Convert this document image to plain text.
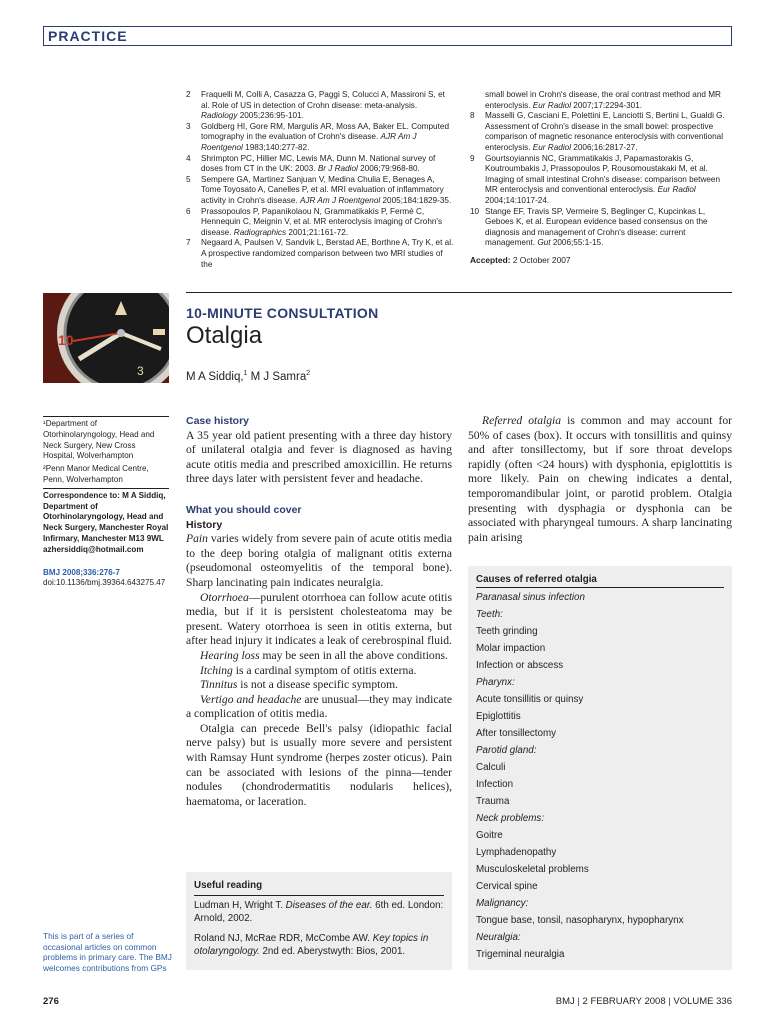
PRACTICE
2	Fraquelli M, Colli A, Casazza G, Paggi S, Colucci A, Massironi S, et al. Role of US in detection of Crohn disease: meta-analysis. Radiology 2005;236:95-101.
3	Goldberg HI, Gore RM, Margulis AR, Moss AA, Baker EL. Computed tomography in the evaluation of Crohn's disease. AJR Am J Roentgenol 1983;140:277-82.
4	Shrimpton PC, Hillier MC, Lewis MA, Dunn M. National survey of doses from CT in the UK: 2003. Br J Radiol 2006;79:968-80.
5	Sempere GA, Martinez Sanjuan V, Medina Chulia E, Benages A, Tome Toyosato A, Canelles P, et al. MRI evaluation of inflammatory activity in Crohn's disease. AJR Am J Roentgenol 2005;184:1829-35.
6	Prassopoulos P, Papanikolaou N, Grammatikakis P, Fermé C, Hennequin C, Meignin V, et al. MR enteroclysis imaging of Crohn's disease. Radiographics 2001;21:161-72.
7	Negaard A, Paulsen V, Sandvik L, Berstad AE, Borthne A, Try K, et al. A prospective randomized comparison between two MRI studies of the
small bowel in Crohn's disease, the oral contrast method and MR enteroclysis. Eur Radiol 2007;17:2294-301.
8	Masselli G, Casciani E, Polettini E, Lanciotti S, Bertini L, Gualdi G. Assessment of Crohn's disease in the small bowel: prospective comparison of magnetic resonance enteroclysis with conventional enteroclysis. Eur Radiol 2006;16:2817-27.
9	Gourtsoyiannis NC, Grammatikakis J, Papamastorakis G, Koutroumbakis J, Prassopoulos P, Rousomoustakaki M, et al. Imaging of small intestinal Crohn's disease: comparison between MR enteroclysis and conventional enteroclysis. Eur Radiol 2004;14:1017-24.
10 Stange EF, Travis SP, Vermeire S, Beglinger C, Kupcinkas L, Geboes K, et al. European evidence based consensus on the diagnosis and management of Crohn's disease: current management. Gut 2006;55:1-15.
Accepted: 2 October 2007
10
3
10-MINUTE CONSULTATION
Otalgia
M A Siddiq,$^1$ M J Samra$^2$

¹Department of Otorhinolaryngology, Head and Neck Surgery, New Cross Hospital, Wolverhampton

²Penn Manor Medical Centre, Penn, Wolverhampton

Correspondence to: M A Siddiq, Department of Otorhinolaryngology, Head and Neck Surgery, Manchester Royal Infirmary, Manchester M13 9WL azhersiddiq@hotmail.com

BMJ 2008;336:276-7
doi:10.1136/bmj.39364.643275.47
Case history

A 35 year old patient presenting with a three day history of unilateral otalgia and fever is diagnosed as having acute otitis media and prescribed amoxicillin. He returns three days later with persistent fever and headache.

What you should cover
History

Pain varies widely from severe pain of acute otitis media to the deep boring otalgia of malignant otitis externa (pseudomonal osteomyelitis of the temporal bone). Sharp lancinating pain indicates neuralgia.

Otorrhoea—purulent otorrhoea can follow acute otitis media, but if it is persistent cholesteatoma may be present. Watery otorrhoea is seen in otitis externa, but after head injury it indicates a leak of cerebrospinal fluid.

Hearing loss may be seen in all the above conditions.

Itching is a cardinal symptom of otitis externa.

Tinnitus is not a disease specific symptom.

Vertigo and headache are unusual—they may indicate a complication of otitis media.

Otalgia can precede Bell's palsy (idiopathic facial nerve palsy) but is usually more severe and persistent with Ramsay Hunt syndrome (herpes zoster oticus). Pain can be associated with lesions of the pinna—tender nodules (chondrodermatitis nodularis helices), haematoma, or laceration.

Referred otalgia is common and may account for 50% of cases (box). It occurs with tonsillitis and quinsy and after tonsillectomy, but if sore throat develops rapidly (often <24 hours) with dysphonia, epiglottitis is more likely. Pain on chewing indicates a dental, temporomandibular joint, or parotid problem. Otalgia presenting with dysphagia or dysphonia can be associated with pharyngeal tumours. A sharp lancinating pain arising

Causes of referred otalgia
Paranasal sinus infection
Teeth:
Teeth grinding
Molar impaction
Infection or abscess
Pharynx:
Acute tonsillitis or quinsy
Epiglottitis
After tonsillectomy
Parotid gland:
Calculi
Infection
Trauma
Neck problems:
Goitre
Lymphadenopathy
Musculoskeletal problems
Cervical spine
Malignancy:
Tongue base, tonsil, nasopharynx, hypopharynx
Neuralgia:
Trigeminal neuralgia
Useful reading

Ludman H, Wright T. Diseases of the ear. 6th ed. London: Arnold, 2002.

Roland NJ, McRae RDR, McCombe AW. Key topics in otolaryngology. 2nd ed. Aberystwyth: Bios, 2001.

This is part of a series of occasional articles on common problems in primary care. The BMJ welcomes contributions from GPs
276	BMJ | 2 FEBRUARY 2008 | VOLUME 336
